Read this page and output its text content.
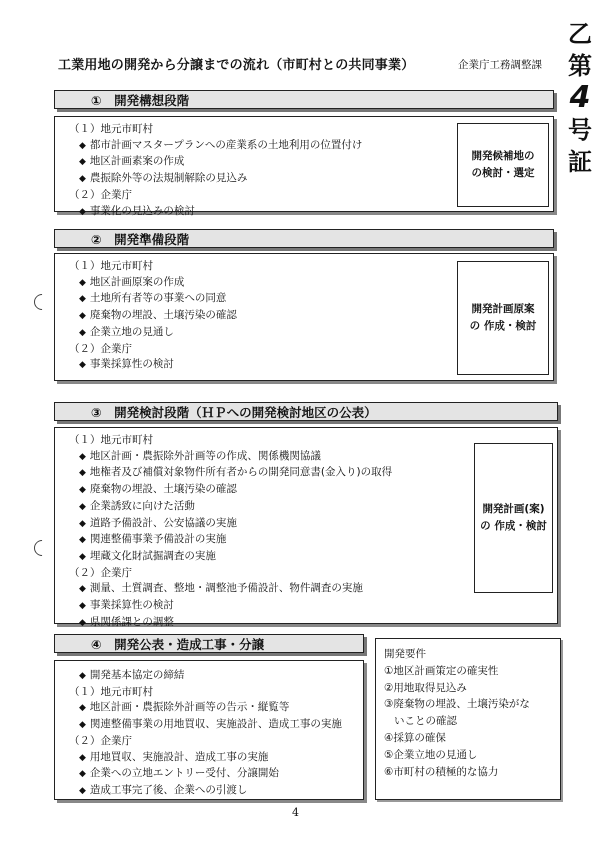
工業用地の開発から分譲までの流れ（市町村との共同事業）	企業庁工務調整課
乙
第
4
号
証
①　開発構想段階
（１）地元市町村
◆ 都市計画マスタープランへの産業系の土地利用の位置付け
◆ 地区計画素案の作成
◆ 農振除外等の法規制解除の見込み
（２）企業庁
◆ 事業化の見込みの検討
開発候補地の
の検討・選定
②　開発準備段階
（１）地元市町村
◆ 地区計画原案の作成
◆ 土地所有者等の事業への同意
◆ 廃棄物の埋設、土壌汚染の確認
◆ 企業立地の見通し
（２）企業庁
◆ 事業採算性の検討
開発計画原案
の 作成・検討
③　開発検討段階（ＨＰへの開発検討地区の公表）
（１）地元市町村
◆ 地区計画・農振除外計画等の作成、関係機関協議
◆ 地権者及び補償対象物件所有者からの開発同意書(金入り)の取得
◆ 廃棄物の埋設、土壌汚染の確認
◆ 企業誘致に向けた活動
◆ 道路予備設計、公安協議の実施
◆ 関連整備事業予備設計の実施
◆ 埋蔵文化財試掘調査の実施
（２）企業庁
◆ 測量、土質調査、整地・調整池予備設計、物件調査の実施
◆ 事業採算性の検討
◆ 県関係課との調整
開発計画(案)
の 作成・検討
④　開発公表・造成工事・分譲
◆ 開発基本協定の締結
（１）地元市町村
◆ 地区計画・農振除外計画等の告示・縦覧等
◆ 関連整備事業の用地買収、実施設計、造成工事の実施
（２）企業庁
◆ 用地買収、実施設計、造成工事の実施
◆ 企業への立地エントリー受付、分譲開始
◆ 造成工事完了後、企業への引渡し
開発要件
①地区計画策定の確実性
②用地取得見込み
③廃棄物の埋設、土壌汚染がな
いことの確認
④採算の確保
⑤企業立地の見通し
⑥市町村の積極的な協力
4
